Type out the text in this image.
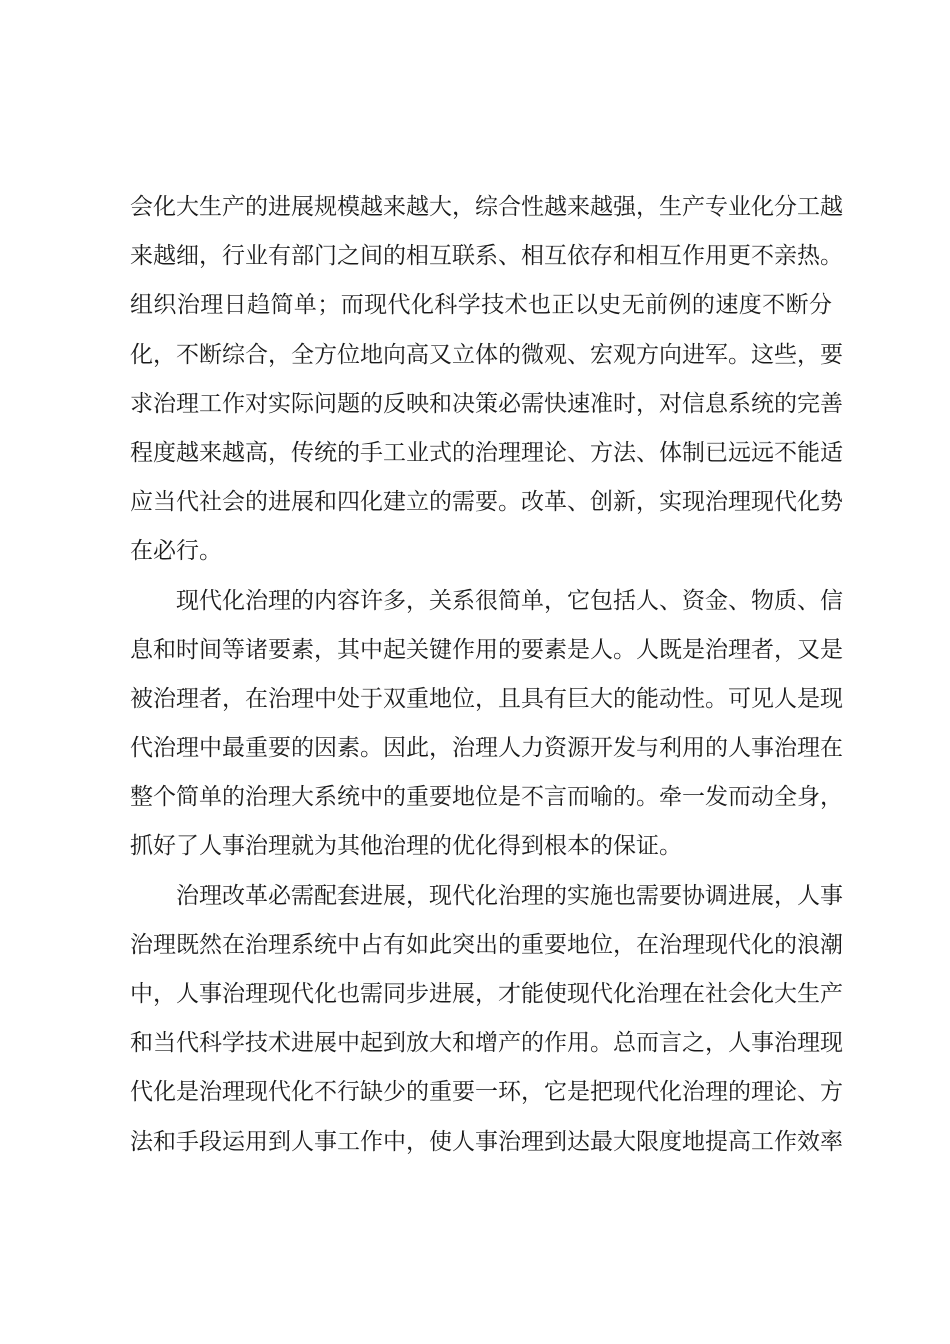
会化大生产的进展规模越来越大，综合性越来越强，生产专业化分工越
来越细，行业有部门之间的相互联系、相互依存和相互作用更不亲热。
组织治理日趋简单；而现代化科学技术也正以史无前例的速度不断分
化，不断综合，全方位地向高又立体的微观、宏观方向进军。这些，要
求治理工作对实际问题的反映和决策必需快速准时，对信息系统的完善
程度越来越高，传统的手工业式的治理理论、方法、体制已远远不能适
应当代社会的进展和四化建立的需要。改革、创新，实现治理现代化势
在必行。
现代化治理的内容许多，关系很简单，它包括人、资金、物质、信
息和时间等诸要素，其中起关键作用的要素是人。人既是治理者，又是
被治理者，在治理中处于双重地位，且具有巨大的能动性。可见人是现
代治理中最重要的因素。因此，治理人力资源开发与利用的人事治理在
整个简单的治理大系统中的重要地位是不言而喻的。牵一发而动全身，
抓好了人事治理就为其他治理的优化得到根本的保证。
治理改革必需配套进展，现代化治理的实施也需要协调进展，人事
治理既然在治理系统中占有如此突出的重要地位，在治理现代化的浪潮
中，人事治理现代化也需同步进展，才能使现代化治理在社会化大生产
和当代科学技术进展中起到放大和增产的作用。总而言之，人事治理现
代化是治理现代化不行缺少的重要一环，它是把现代化治理的理论、方
法和手段运用到人事工作中，使人事治理到达最大限度地提高工作效率
